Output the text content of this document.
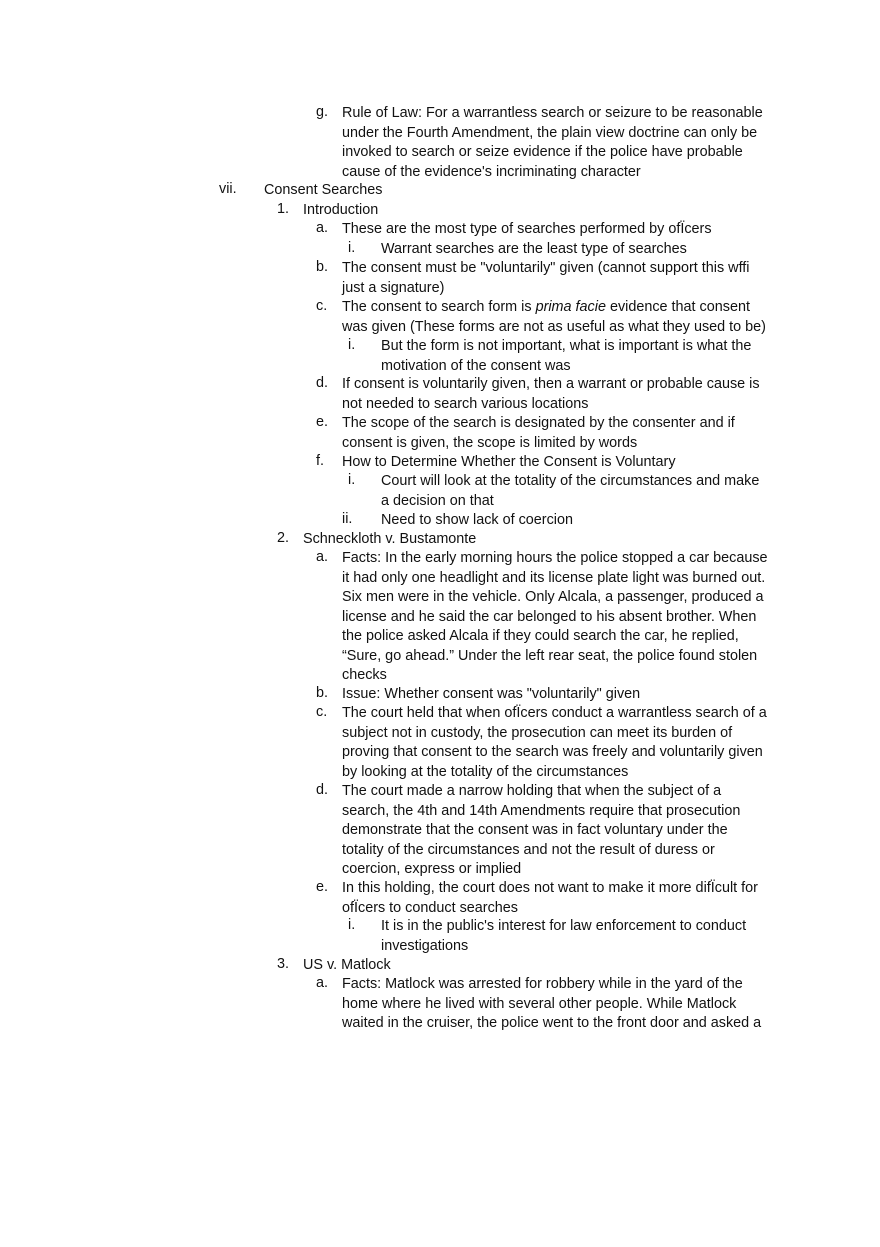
g. Rule of Law: For a warrantless search or seizure to be reasonable
under the Fourth Amendment, the plain view doctrine can only be
invoked to search or seize evidence if the police have probable
cause of the evidence's incriminating character
vii. Consent Searches
1. Introduction
a. These are the most type of searches performed by ofÏcers
i. Warrant searches are the least type of searches
b. The consent must be "voluntarily" given (cannot support this wffi
just a signature)
c. The consent to search form is prima facie evidence that consent
was given (These forms are not as useful as what they used to be)
i. But the form is not important, what is important is what the
motivation of the consent was
d. If consent is voluntarily given, then a warrant or probable cause is
not needed to search various locations
e. The scope of the search is designated by the consenter and if
consent is given, the scope is limited by words
f. How to Determine Whether the Consent is Voluntary
i. Court will look at the totality of the circumstances and make
a decision on that
ii. Need to show lack of coercion
2. Schneckloth v. Bustamonte
a. Facts: In the early morning hours the police stopped a car because
it had only one headlight and its license plate light was burned out.
Six men were in the vehicle. Only Alcala, a passenger, produced a
license and he said the car belonged to his absent brother. When
the police asked Alcala if they could search the car, he replied,
“Sure, go ahead.” Under the left rear seat, the police found stolen
checks
b. Issue: Whether consent was "voluntarily" given
c. The court held that when ofÏcers conduct a warrantless search of a
subject not in custody, the prosecution can meet its burden of
proving that consent to the search was freely and voluntarily given
by looking at the totality of the circumstances
d. The court made a narrow holding that when the subject of a
search, the 4th and 14th Amendments require that prosecution
demonstrate that the consent was in fact voluntary under the
totality of the circumstances and not the result of duress or
coercion, express or implied
e. In this holding, the court does not want to make it more difÏcult for
ofÏcers to conduct searches
i. It is in the public's interest for law enforcement to conduct
investigations
3. US v. Matlock
a. Facts: Matlock was arrested for robbery while in the yard of the
home where he lived with several other people. While Matlock
waited in the cruiser, the police went to the front door and asked a
